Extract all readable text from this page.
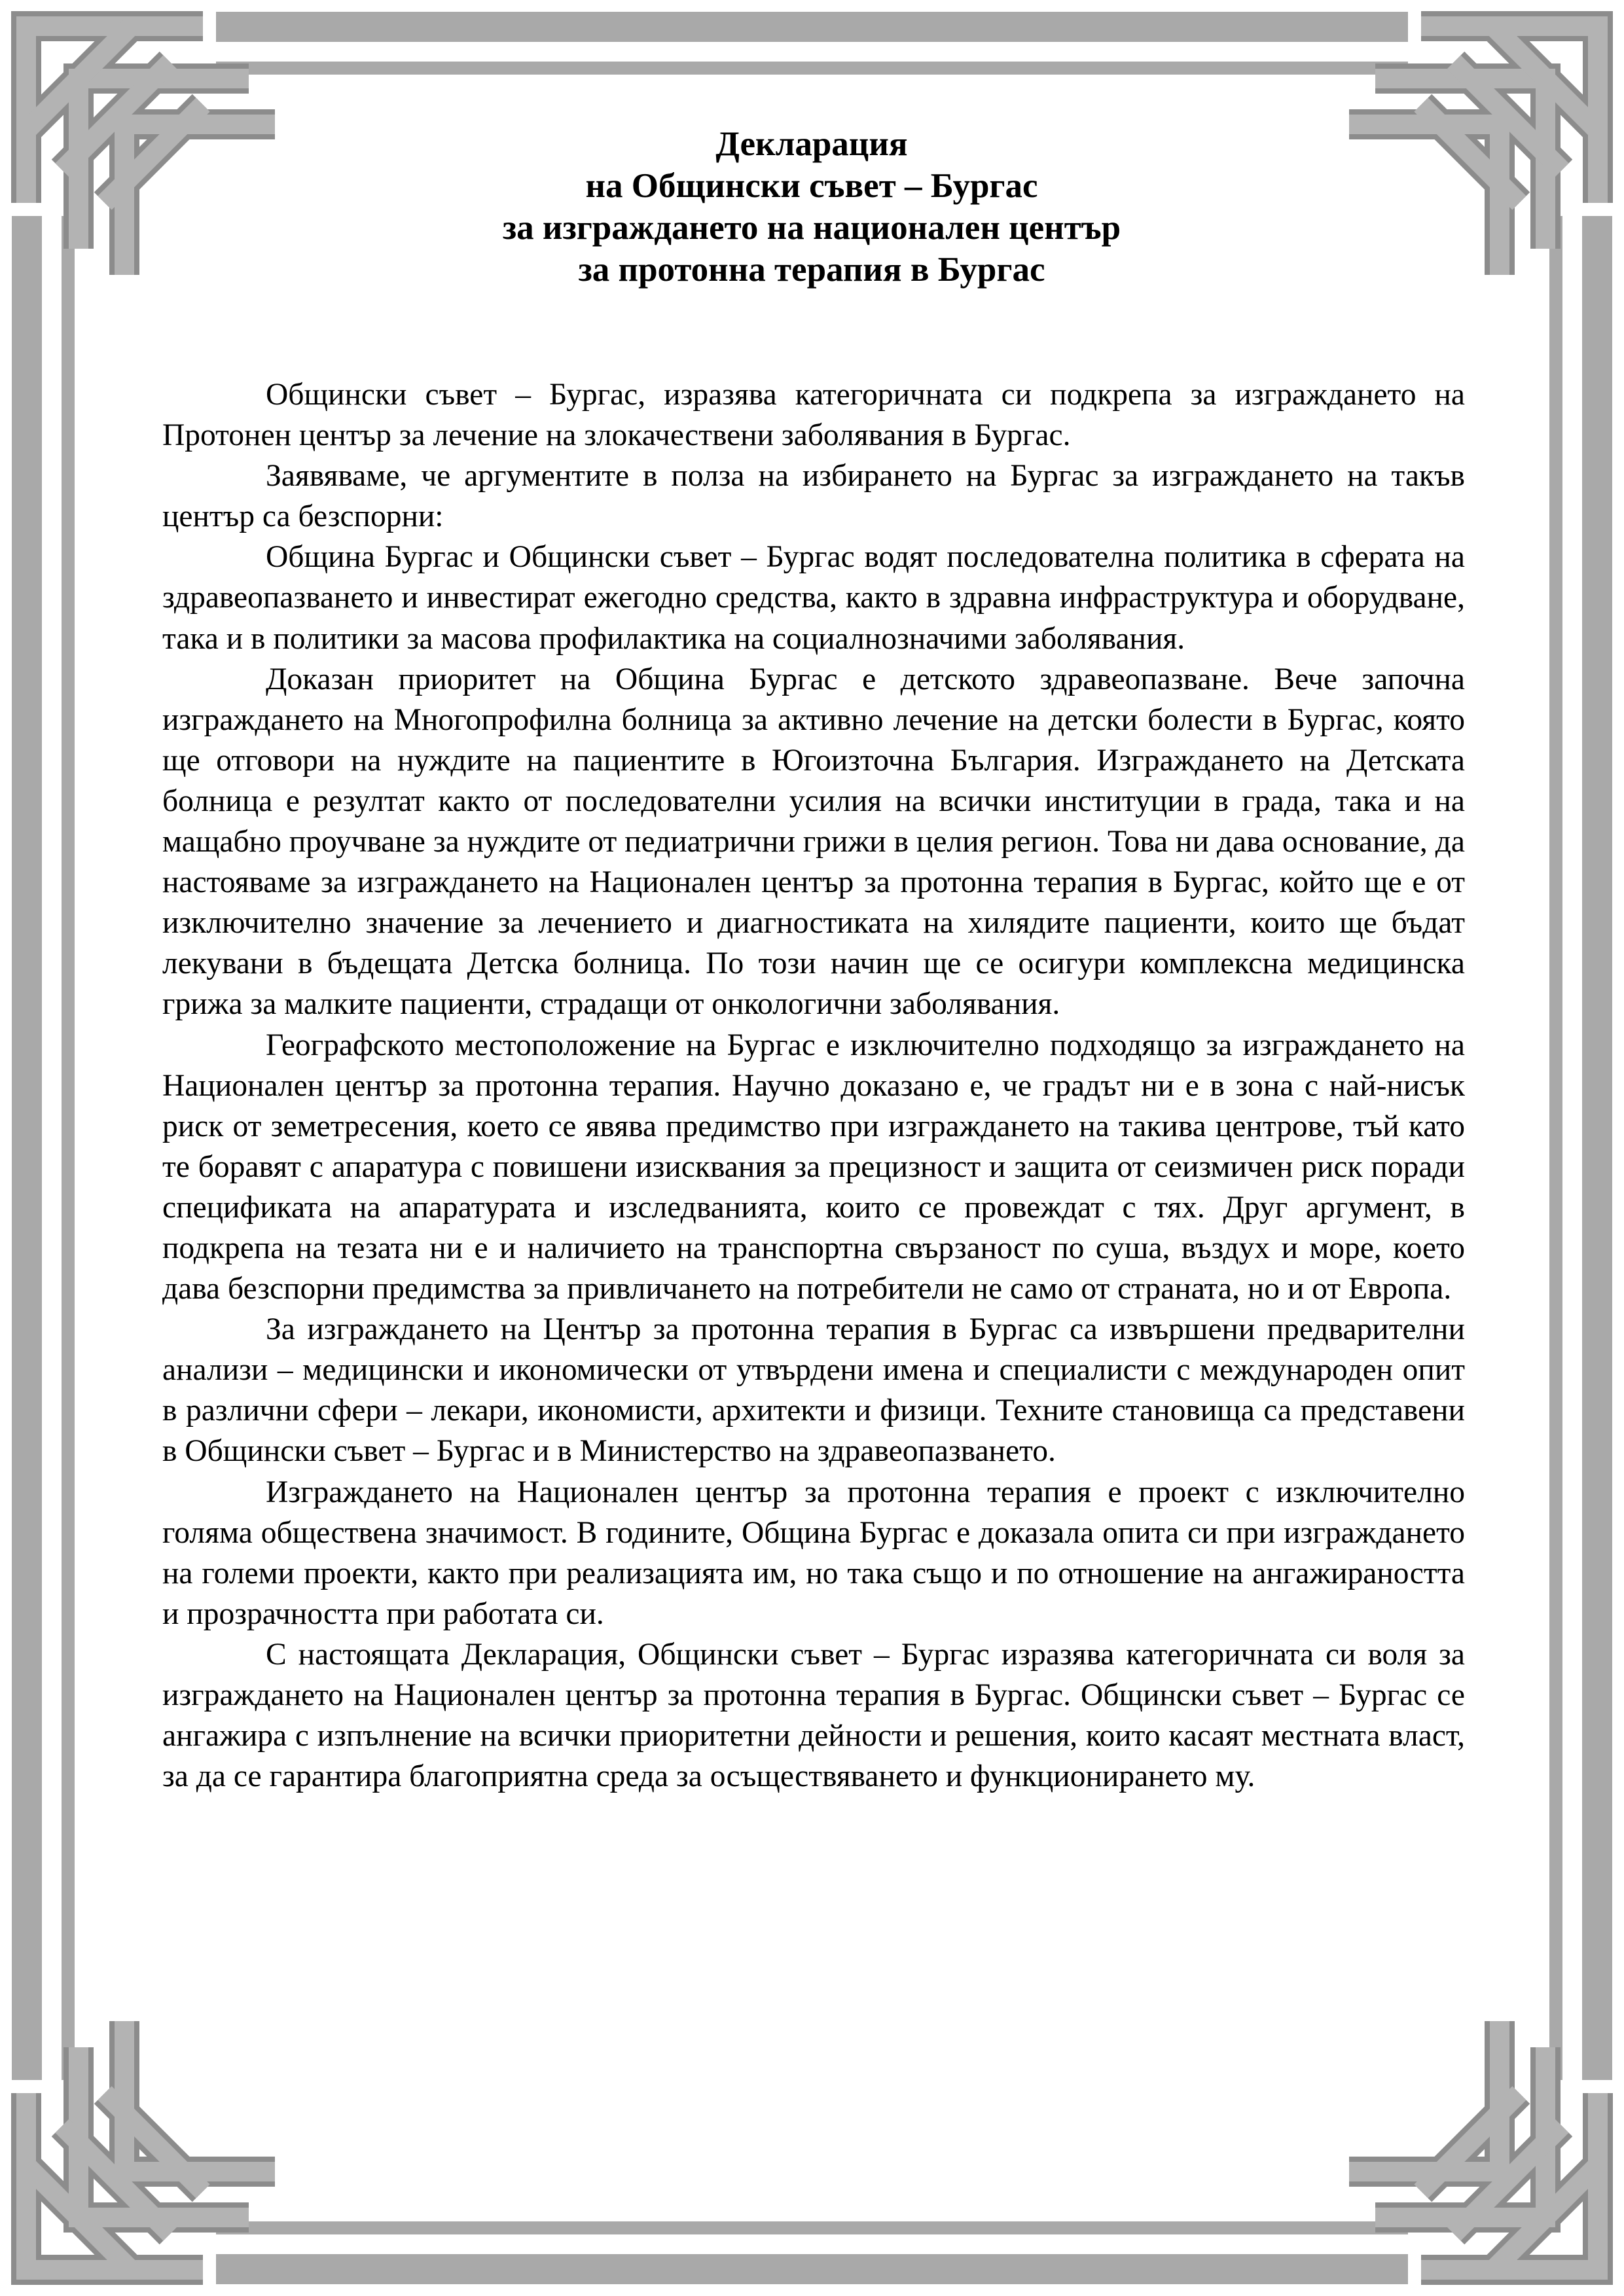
Декларация
на Общински съвет – Бургас
за изграждането на национален център
за протонна терапия в Бургас

Общински съвет – Бургас, изразява категоричната си подкрепа за изграждането на Протонен център за лечение на злокачествени заболявания в Бургас.

Заявяваме, че аргументите в полза на избирането на Бургас за изграждането на такъв център са безспорни:

Община Бургас и Общински съвет – Бургас водят последователна политика в сферата на здравеопазването и инвестират ежегодно средства, както в здравна инфраструктура и оборудване, така и в политики за масова профилактика на социалнозначими заболявания.

Доказан приоритет на Община Бургас е детското здравеопазване. Вече започна изграждането на Многопрофилна болница за активно лечение на детски болести в Бургас, която ще отговори на нуждите на пациентите в Югоизточна България. Изграждането на Детската болница е резултат както от последователни усилия на всички институции в града, така и на мащабно проучване за нуждите от педиатрични грижи в целия регион. Това ни дава основание, да настояваме за изграждането на Национален център за протонна терапия в Бургас, който ще е от изключително значение за лечението и диагностиката на хилядите пациенти, които ще бъдат лекувани в бъдещата Детска болница. По този начин ще се осигури комплексна медицинска грижа за малките пациенти, страдащи от онкологични заболявания.

Географското местоположение на Бургас е изключително подходящо за изграждането на Национален център за протонна терапия. Научно доказано е, че градът ни е в зона с най-нисък риск от земетресения, което се явява предимство при изграждането на такива центрове, тъй като те боравят с апаратура с повишени изисквания за прецизност и защита от сеизмичен риск поради спецификата на апаратурата и изследванията, които се провеждат с тях. Друг аргумент, в подкрепа на тезата ни е и наличието на транспортна свързаност по суша, въздух и море, което дава безспорни предимства за привличането на потребители не само от страната, но и от Европа.

За изграждането на Център за протонна терапия в Бургас са извършени предварителни анализи – медицински и икономически от утвърдени имена и специалисти с международен опит в различни сфери – лекари, икономисти, архитекти и физици. Техните становища са представени в Общински съвет – Бургас и в Министерство на здравеопазването.

Изграждането на Национален център за протонна терапия е проект с изключително голяма обществена значимост. В годините, Община Бургас е доказала опита си при изграждането на големи проекти, както при реализацията им, но така също и по отношение на ангажираността и прозрачността при работата си.

С настоящата Декларация, Общински съвет – Бургас изразява категоричната си воля за изграждането на Национален център за протонна терапия в Бургас. Общински съвет – Бургас се ангажира с изпълнение на всички приоритетни дейности и решения, които касаят местната власт, за да се гарантира благоприятна среда за осъществяването и функционирането му.
